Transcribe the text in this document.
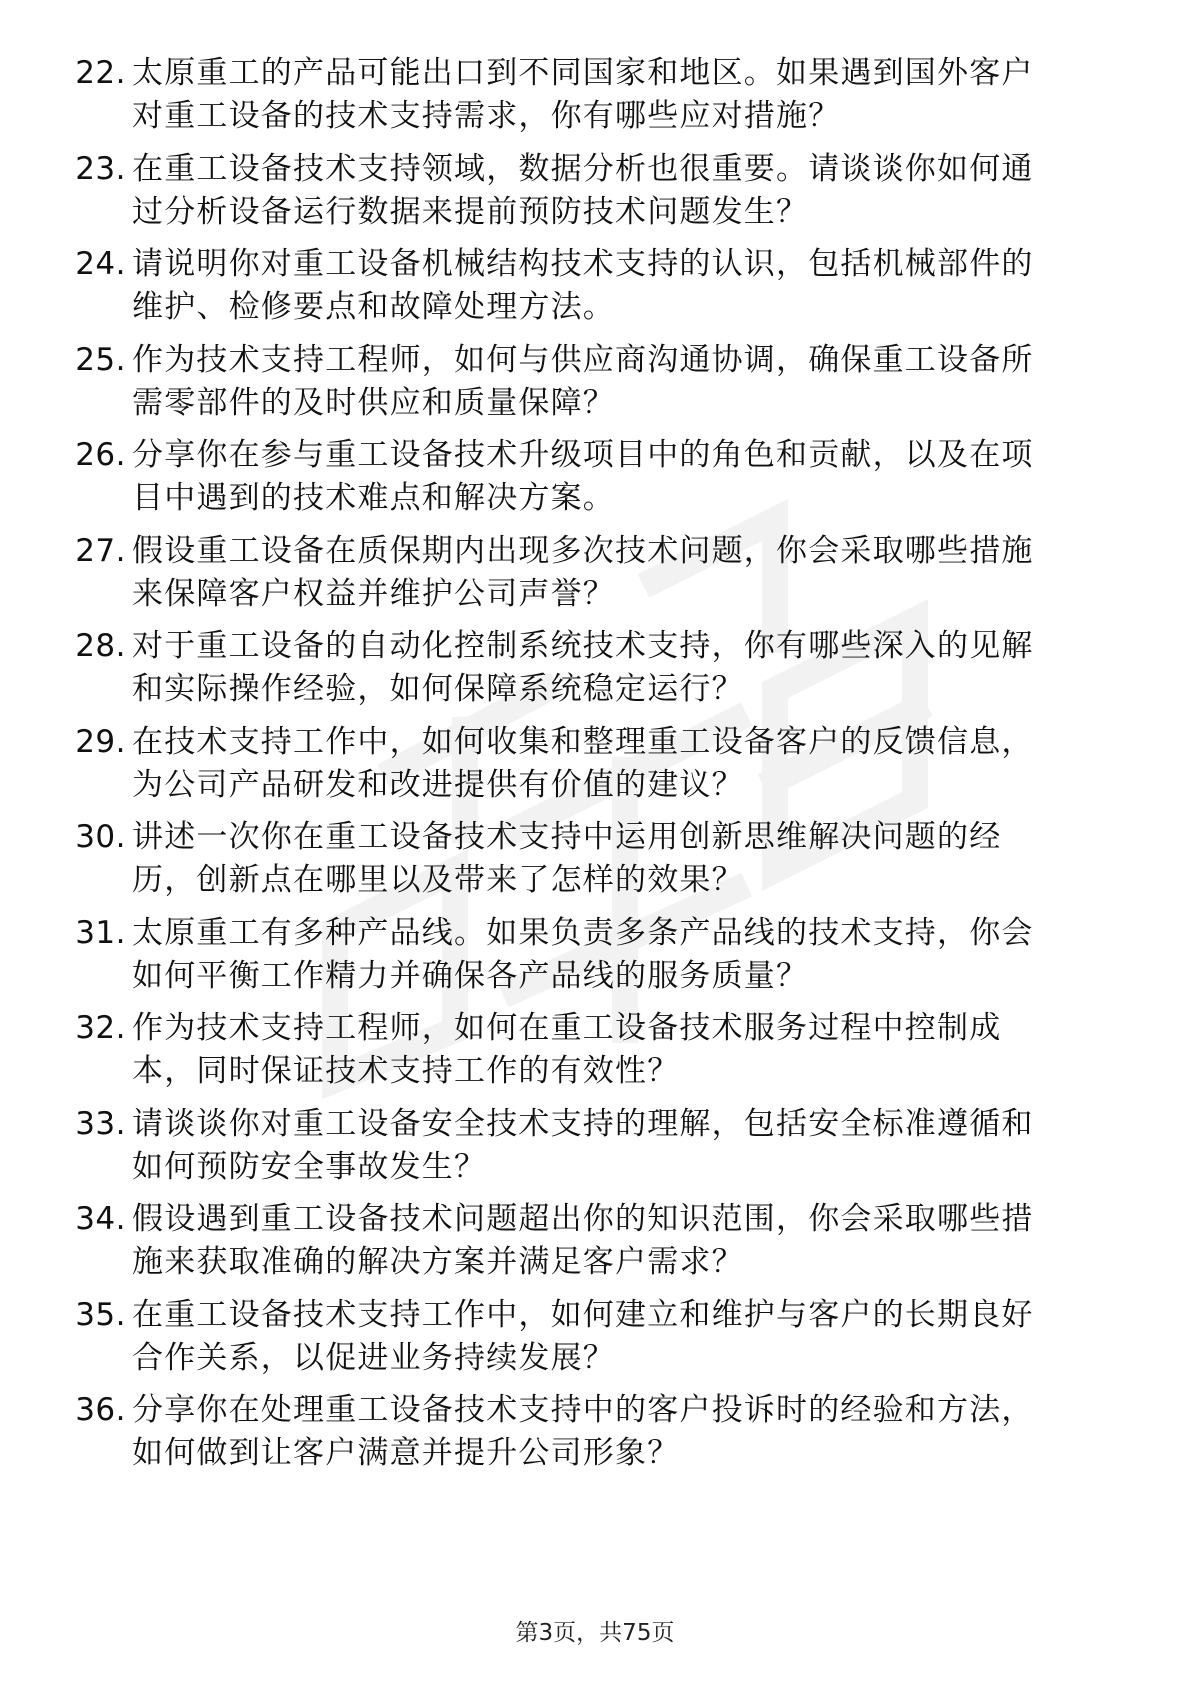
22. 太原重工的产品可能出口到不同国家和地区。如果遇到国外客户
对重工设备的技术支持需求，你有哪些应对措施？
23. 在重工设备技术支持领域，数据分析也很重要。请谈谈你如何通
过分析设备运行数据来提前预防技术问题发生？
24. 请说明你对重工设备机械结构技术支持的认识，包括机械部件的
维护、检修要点和故障处理方法。
25. 作为技术支持工程师，如何与供应商沟通协调，确保重工设备所
需零部件的及时供应和质量保障？
26. 分享你在参与重工设备技术升级项目中的角色和贡献，以及在项
目中遇到的技术难点和解决方案。
27. 假设重工设备在质保期内出现多次技术问题，你会采取哪些措施
来保障客户权益并维护公司声誉？
28. 对于重工设备的自动化控制系统技术支持，你有哪些深入的见解
和实际操作经验，如何保障系统稳定运行？
29. 在技术支持工作中，如何收集和整理重工设备客户的反馈信息，
为公司产品研发和改进提供有价值的建议？
30. 讲述一次你在重工设备技术支持中运用创新思维解决问题的经
历，创新点在哪里以及带来了怎样的效果？
31. 太原重工有多种产品线。如果负责多条产品线的技术支持，你会
如何平衡工作精力并确保各产品线的服务质量？
32. 作为技术支持工程师，如何在重工设备技术服务过程中控制成
本，同时保证技术支持工作的有效性？
33. 请谈谈你对重工设备安全技术支持的理解，包括安全标准遵循和
如何预防安全事故发生？
34. 假设遇到重工设备技术问题超出你的知识范围，你会采取哪些措
施来获取准确的解决方案并满足客户需求？
35. 在重工设备技术支持工作中，如何建立和维护与客户的长期良好
合作关系，以促进业务持续发展？
36. 分享你在处理重工设备技术支持中的客户投诉时的经验和方法，
如何做到让客户满意并提升公司形象？
第3页，共75页
